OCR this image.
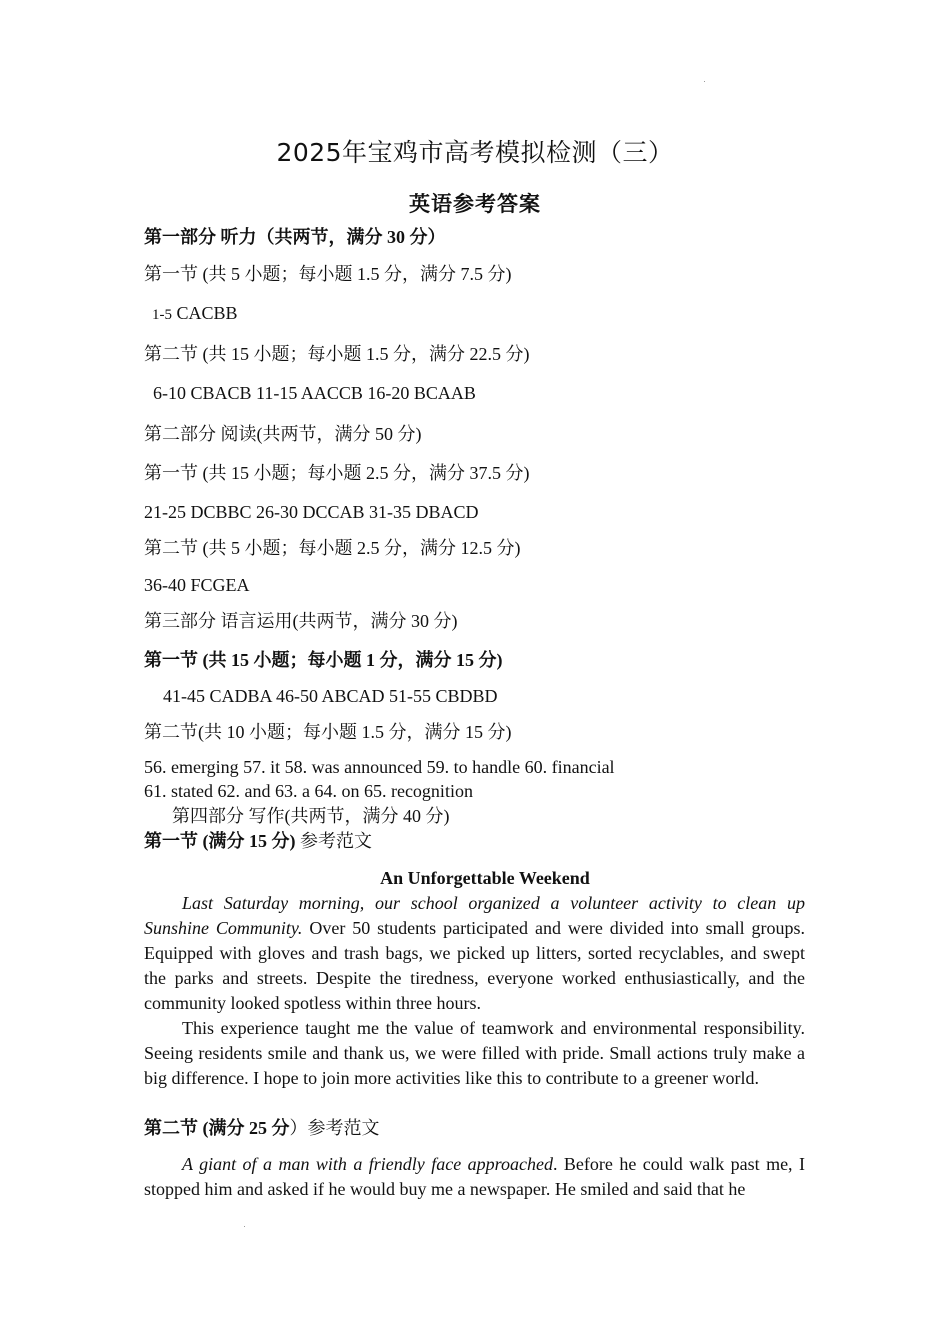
2025年宝鸡市高考模拟检测（三）
英语参考答案
第一部分 听力（共两节，满分 30 分）
第一节 (共 5 小题；每小题 1.5 分，满分 7.5 分)
1-5 CACBB
第二节 (共 15 小题；每小题 1.5 分，满分 22.5 分)
6-10 CBACB 11-15 AACCB 16-20 BCAAB
第二部分 阅读(共两节，满分 50 分)
第一节 (共 15 小题；每小题 2.5 分，满分 37.5 分)
21-25 DCBBC 26-30 DCCAB 31-35 DBACD
第二节 (共 5 小题；每小题 2.5 分，满分 12.5 分)
36-40 FCGEA
第三部分 语言运用(共两节，满分 30 分)
第一节 (共 15 小题；每小题 1 分，满分 15 分)
41-45 CADBA 46-50 ABCAD 51-55 CBDBD
第二节(共 10 小题；每小题 1.5 分，满分 15 分)
56. emerging 57. it 58. was announced 59. to handle 60. financial
61. stated 62. and 63. a 64. on 65. recognition
第四部分 写作(共两节，满分 40 分)
第一节 (满分 15 分) 参考范文
An Unforgettable Weekend
Last Saturday morning, our school organized a volunteer activity to clean up Sunshine Community. Over 50 students participated and were divided into small groups. Equipped with gloves and trash bags, we picked up litters, sorted recyclables, and swept the parks and streets. Despite the tiredness, everyone worked enthusiastically, and the community looked spotless within three hours.
This experience taught me the value of teamwork and environmental responsibility. Seeing residents smile and thank us, we were filled with pride. Small actions truly make a big difference. I hope to join more activities like this to contribute to a greener world.
第二节 (满分 25 分）参考范文
A giant of a man with a friendly face approached. Before he could walk past me, I stopped him and asked if he would buy me a newspaper. He smiled and said that he
